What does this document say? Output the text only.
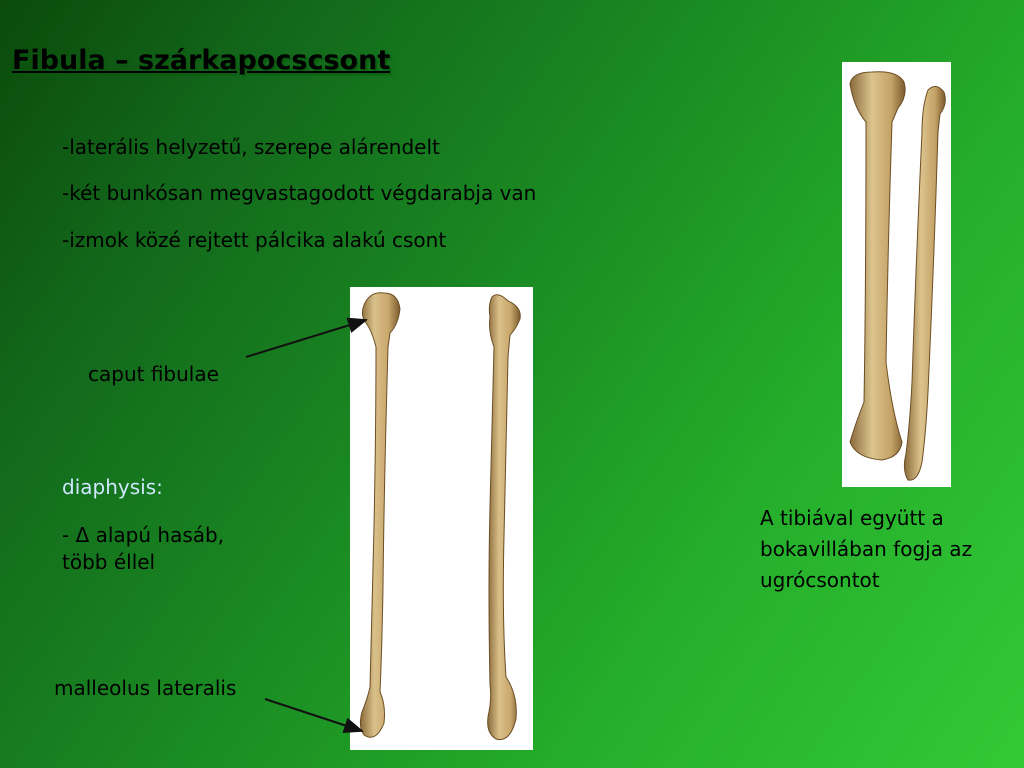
Fibula – szárkapocscsont
-laterális helyzetű, szerepe alárendelt
-két bunkósan megvastagodott végdarabja van
-izmok közé rejtett pálcika alakú csont
caput fibulae
diaphysis:
- Δ alapú hasáb,
több éllel
malleolus lateralis
A tibiával együtt a
bokavillában fogja az
ugrócsontot
